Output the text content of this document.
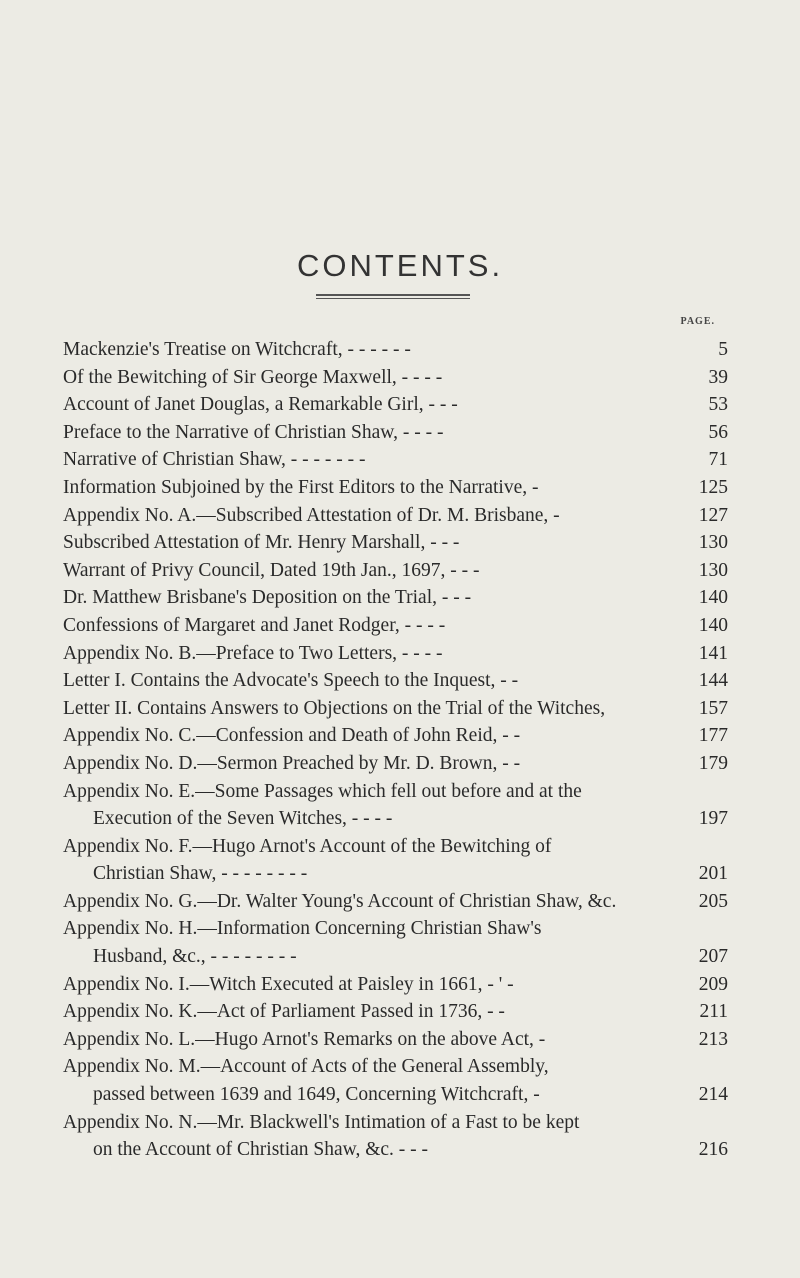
CONTENTS.
PAGE.
Mackenzie's Treatise on Witchcraft, - - - - - -	5
Of the Bewitching of Sir George Maxwell, - - - -	39
Account of Janet Douglas, a Remarkable Girl, - - -	53
Preface to the Narrative of Christian Shaw, - - - -	56
Narrative of Christian Shaw, - - - - - - -	71
Information Subjoined by the First Editors to the Narrative, -	125
Appendix No. A.—Subscribed Attestation of Dr. M. Brisbane, -	127
Subscribed Attestation of Mr. Henry Marshall, - - -	130
Warrant of Privy Council, Dated 19th Jan., 1697, - - -	130
Dr. Matthew Brisbane's Deposition on the Trial, - - -	140
Confessions of Margaret and Janet Rodger, - - - -	140
Appendix No. B.—Preface to Two Letters, - - - -	141
Letter I. Contains the Advocate's Speech to the Inquest, - -	144
Letter II. Contains Answers to Objections on the Trial of the Witches,	157
Appendix No. C.—Confession and Death of John Reid, - -	177
Appendix No. D.—Sermon Preached by Mr. D. Brown, - -	179
Appendix No. E.—Some Passages which fell out before and at the
Execution of the Seven Witches, - - - -	197
Appendix No. F.—Hugo Arnot's Account of the Bewitching of
Christian Shaw, - - - - - - - -	201
Appendix No. G.—Dr. Walter Young's Account of Christian Shaw, &c.	205
Appendix No. H.—Information Concerning Christian Shaw's
Husband, &c., - - - - - - - -	207
Appendix No. I.—Witch Executed at Paisley in 1661, - ' -	209
Appendix No. K.—Act of Parliament Passed in 1736, - -	211
Appendix No. L.—Hugo Arnot's Remarks on the above Act, -	213
Appendix No. M.—Account of Acts of the General Assembly,
passed between 1639 and 1649, Concerning Witchcraft, -	214
Appendix No. N.—Mr. Blackwell's Intimation of a Fast to be kept
on the Account of Christian Shaw, &c. - - -	216
